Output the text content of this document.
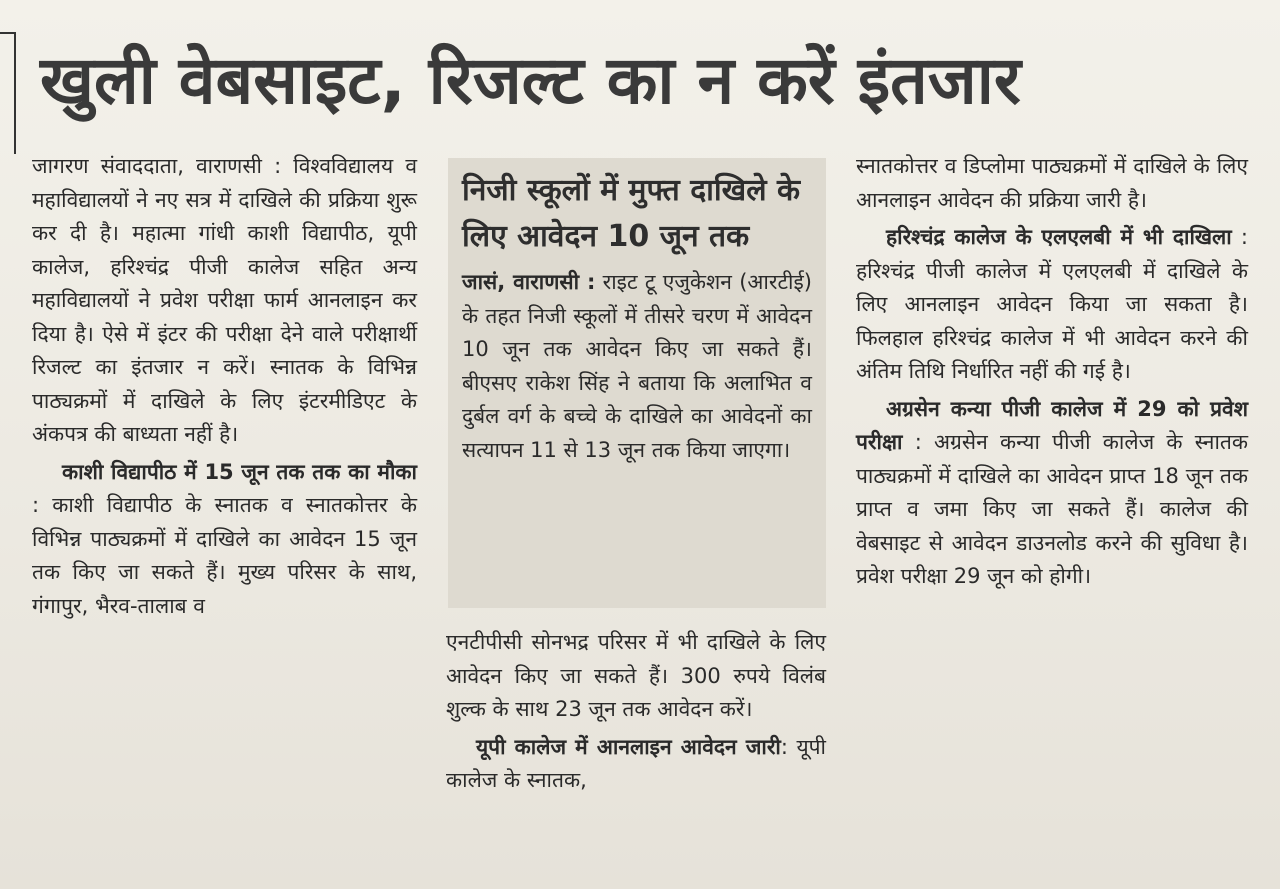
खुली वेबसाइट, रिजल्ट का न करें इंतजार

जागरण संवाददाता, वाराणसी : विश्वविद्यालय व महाविद्यालयों ने नए सत्र में दाखिले की प्रक्रिया शुरू कर दी है। महात्मा गांधी काशी विद्यापीठ, यूपी कालेज, हरिश्चंद्र पीजी कालेज सहित अन्य महाविद्यालयों ने प्रवेश परीक्षा फार्म आनलाइन कर दिया है। ऐसे में इंटर की परीक्षा देने वाले परीक्षार्थी रिजल्ट का इंतजार न करें। स्नातक के विभिन्न पाठ्यक्रमों में दाखिले के लिए इंटरमीडिएट के अंकपत्र की बाध्यता नहीं है।

काशी विद्यापीठ में 15 जून तक तक का मौका : काशी विद्यापीठ के स्नातक व स्नातकोत्तर के विभिन्न पाठ्यक्रमों में दाखिले का आवेदन 15 जून तक किए जा सकते हैं। मुख्य परिसर के साथ, गंगापुर, भैरव-तालाब व

निजी स्कूलों में मुफ्त दाखिले के लिए आवेदन 10 जून तक

जासं, वाराणसी : राइट टू एजुकेशन (आरटीई) के तहत निजी स्कूलों में तीसरे चरण में आवेदन 10 जून तक आवेदन किए जा सकते हैं। बीएसए राकेश सिंह ने बताया कि अलाभित व दुर्बल वर्ग के बच्चे के दाखिले का आवेदनों का सत्यापन 11 से 13 जून तक किया जाएगा।

एनटीपीसी सोनभद्र परिसर में भी दाखिले के लिए आवेदन किए जा सकते हैं। 300 रुपये विलंब शुल्क के साथ 23 जून तक आवेदन करें।

यूपी कालेज में आनलाइन आवेदन जारी: यूपी कालेज के स्नातक,

स्नातकोत्तर व डिप्लोमा पाठ्यक्रमों में दाखिले के लिए आनलाइन आवेदन की प्रक्रिया जारी है।

हरिश्चंद्र कालेज के एलएलबी में भी दाखिला : हरिश्चंद्र पीजी कालेज में एलएलबी में दाखिले के लिए आनलाइन आवेदन किया जा सकता है। फिलहाल हरिश्चंद्र कालेज में भी आवेदन करने की अंतिम तिथि निर्धारित नहीं की गई है।

अग्रसेन कन्या पीजी कालेज में 29 को प्रवेश परीक्षा : अग्रसेन कन्या पीजी कालेज के स्नातक पाठ्यक्रमों में दाखिले का आवेदन प्राप्त 18 जून तक प्राप्त व जमा किए जा सकते हैं। कालेज की वेबसाइट से आवेदन डाउनलोड करने की सुविधा है। प्रवेश परीक्षा 29 जून को होगी।
